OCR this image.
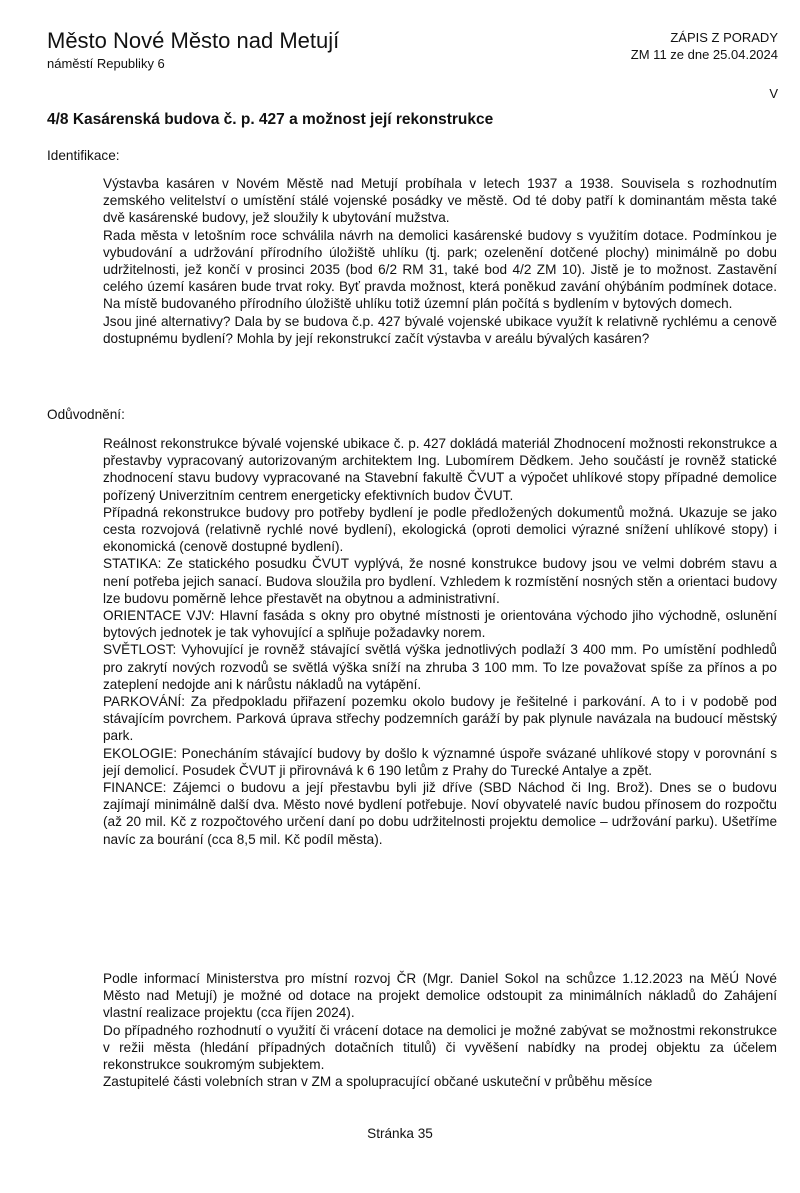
Město Nové Město nad Metují
náměstí Republiky 6
ZÁPIS Z PORADY
ZM 11 ze dne 25.04.2024
V
4/8 Kasárenská budova č. p. 427 a možnost její rekonstrukce
Identifikace:

Výstavba kasáren v Novém Městě nad Metují probíhala v letech 1937 a 1938. Souvisela s rozhodnutím zemského velitelství o umístění stálé vojenské posádky ve městě. Od té doby patří k dominantám města také dvě kasárenské budovy, jež sloužily k ubytování mužstva.

Rada města v letošním roce schválila návrh na demolici kasárenské budovy s využitím dotace. Podmínkou je vybudování a udržování přírodního úložiště uhlíku (tj. park; ozelenění dotčené plochy) minimálně po dobu udržitelnosti, jež končí v prosinci 2035 (bod 6/2 RM 31, také bod 4/2 ZM 10). Jistě je to možnost. Zastavění celého území kasáren bude trvat roky. Byť pravda možnost, která poněkud zavání ohýbáním podmínek dotace. Na místě budovaného přírodního úložiště uhlíku totiž územní plán počítá s bydlením v bytových domech.

Jsou jiné alternativy? Dala by se budova č.p. 427 bývalé vojenské ubikace využít k relativně rychlému a cenově dostupnému bydlení? Mohla by její rekonstrukcí začít výstavba v areálu bývalých kasáren?

Odůvodnění:

Reálnost rekonstrukce bývalé vojenské ubikace č. p. 427 dokládá materiál Zhodnocení možnosti rekonstrukce a přestavby vypracovaný autorizovaným architektem Ing. Lubomírem Dědkem. Jeho součástí je rovněž statické zhodnocení stavu budovy vypracované na Stavební fakultě ČVUT a výpočet uhlíkové stopy případné demolice pořízený Univerzitním centrem energeticky efektivních budov ČVUT.

Případná rekonstrukce budovy pro potřeby bydlení je podle předložených dokumentů možná. Ukazuje se jako cesta rozvojová (relativně rychlé nové bydlení), ekologická (oproti demolici výrazné snížení uhlíkové stopy) i ekonomická (cenově dostupné bydlení).

STATIKA: Ze statického posudku ČVUT vyplývá, že nosné konstrukce budovy jsou ve velmi dobrém stavu a není potřeba jejich sanací. Budova sloužila pro bydlení. Vzhledem k rozmístění nosných stěn a orientaci budovy lze budovu poměrně lehce přestavět na obytnou a administrativní.

ORIENTACE VJV: Hlavní fasáda s okny pro obytné místnosti je orientována východo jiho východně, oslunění bytových jednotek je tak vyhovující a splňuje požadavky norem.

SVĚTLOST: Vyhovující je rovněž stávající světlá výška jednotlivých podlaží 3 400 mm. Po umístění podhledů pro zakrytí nových rozvodů se světlá výška sníží na zhruba 3 100 mm. To lze považovat spíše za přínos a po zateplení nedojde ani k nárůstu nákladů na vytápění.

PARKOVÁNÍ: Za předpokladu přiřazení pozemku okolo budovy je řešitelné i parkování. A to i v podobě pod stávajícím povrchem. Parková úprava střechy podzemních garáží by pak plynule navázala na budoucí městský park.

EKOLOGIE: Ponecháním stávající budovy by došlo k významné úspoře svázané uhlíkové stopy v porovnání s její demolicí. Posudek ČVUT ji přirovnává k 6 190 letům z Prahy do Turecké Antalye a zpět.

FINANCE: Zájemci o budovu a její přestavbu byli již dříve (SBD Náchod či Ing. Brož). Dnes se o budovu zajímají minimálně další dva. Město nové bydlení potřebuje. Noví obyvatelé navíc budou přínosem do rozpočtu (až 20 mil. Kč z rozpočtového určení daní po dobu udržitelnosti projektu demolice – udržování parku). Ušetříme navíc za bourání (cca 8,5 mil. Kč podíl města).

Podle informací Ministerstva pro místní rozvoj ČR (Mgr. Daniel Sokol na schůzce 1.12.2023 na MěÚ Nové Město nad Metují) je možné od dotace na projekt demolice odstoupit za minimálních nákladů do Zahájení vlastní realizace projektu (cca říjen 2024).

Do případného rozhodnutí o využití či vrácení dotace na demolici je možné zabývat se možnostmi rekonstrukce v režii města (hledání případných dotačních titulů) či vyvěšení nabídky na prodej objektu za účelem rekonstrukce soukromým subjektem.

Zastupitelé části volebních stran v ZM a spolupracující občané uskuteční v průběhu měsíce

Stránka 35
